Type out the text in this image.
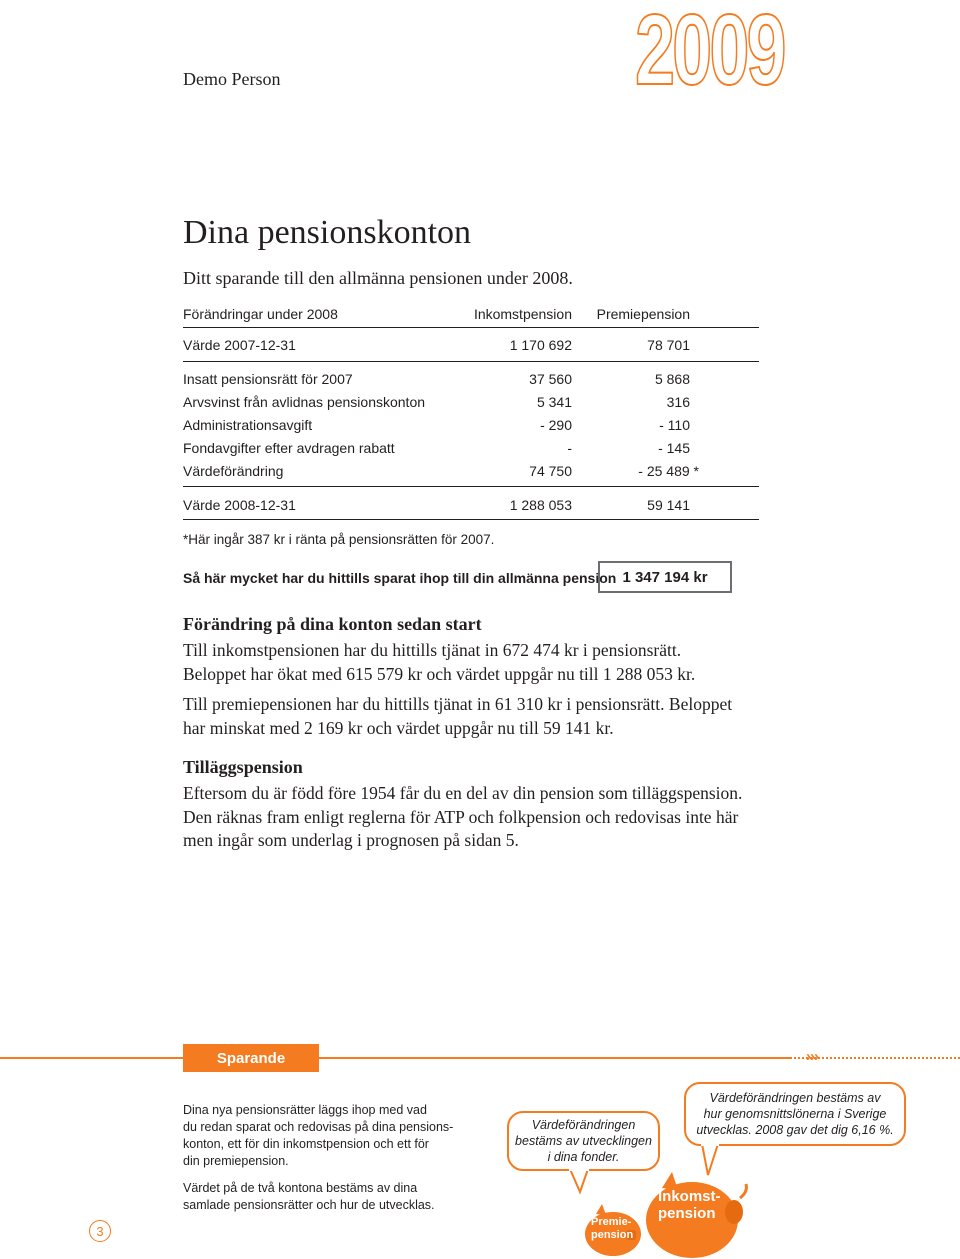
2009
Demo Person
Dina pensionskonton
Ditt sparande till den allmänna pensionen under 2008.
Förändringar under 2008	Inkomstpension Premiepension
Värde 2007-12-31	1 170 692	78 701
Insatt pensionsrätt för 2007	37 560	5 868
Arvsvinst från avlidnas pensionskonton	5 341	316
Administrationsavgift	- 290	- 110
Fondavgifter efter avdragen rabatt	-	- 145
Värdeförändring	74 750	- 25 489 *
Värde 2008-12-31	1 288 053	59 141
*Här ingår 387 kr i ränta på pensionsrätten för 2007.
Så här mycket har du hittills sparat ihop till din allmänna pension 1 347 194 kr
Förändring på dina konton sedan start
Till inkomstpensionen har du hittills tjänat in 672 474 kr i pensionsrätt.
Beloppet har ökat med 615 579 kr och värdet uppgår nu till 1 288 053 kr.
Till premiepensionen har du hittills tjänat in 61 310 kr i pensionsrätt. Beloppet
har minskat med 2 169 kr och värdet uppgår nu till 59 141 kr.
Tilläggspension
Eftersom du är född före 1954 får du en del av din pension som tilläggspension.
Den räknas fram enligt reglerna för ATP och folkpension och redovisas inte här
men ingår som underlag i prognosen på sidan 5.
Sparande	›››
Dina nya pensionsrätter läggs ihop med vad
du redan sparat och redovisas på dina pensions-
konton, ett för din inkomstpension och ett för
din premiepension.
Värdet på de två kontona bestäms av dina
samlade pensionsrätter och hur de utvecklas.
Värdeförändringen
bestäms av utvecklingen
i dina fonder.
Värdeförändringen bestäms av
hur genomsnittslönerna i Sverige
utvecklas. 2008 gav det dig 6,16 %.
Premie-
pension
Inkomst-
pension
3
